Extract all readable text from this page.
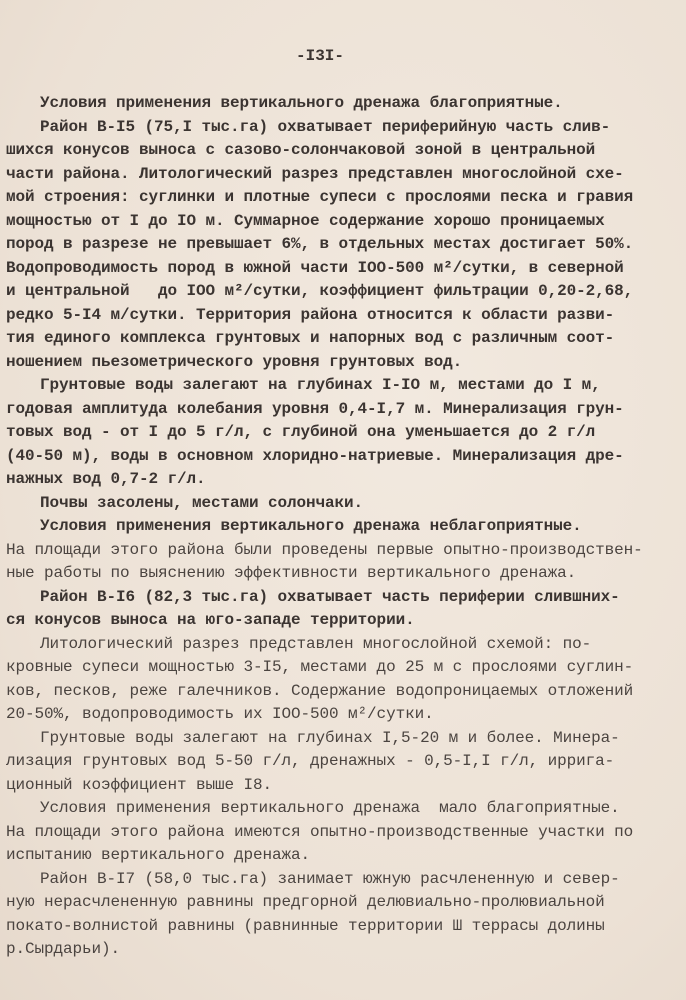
-I3I-
Условия применения вертикального дренажа благоприятные.
Район В-I5 (75,I тыс.га) охватывает периферийную часть слив-
шихся конусов выноса с сазово-солончаковой зоной в центральной
части района. Литологический разрез представлен многослойной схе-
мой строения: суглинки и плотные супеси с прослоями песка и гравия
мощностью от I до IO м. Суммарное содержание хорошо проницаемых
пород в разрезе не превышает 6%, в отдельных местах достигает 50%.
Водопроводимость пород в южной части IOO-500 м²/сутки, в северной
и центральной   до IOO м²/сутки, коэффициент фильтрации 0,20-2,68,
редко 5-I4 м/сутки. Территория района относится к области разви-
тия единого комплекса грунтовых и напорных вод с различным соот-
ношением пьезометрического уровня грунтовых вод.
Грунтовые воды залегают на глубинах I-IO м, местами до I м,
годовая амплитуда колебания уровня 0,4-I,7 м. Минерализация грун-
товых вод - от I до 5 г/л, с глубиной она уменьшается до 2 г/л
(40-50 м), воды в основном хлоридно-натриевые. Минерализация дре-
нажных вод 0,7-2 г/л.
Почвы засолены, местами солончаки.
Условия применения вертикального дренажа неблагоприятные.
На площади этого района были проведены первые опытно-производствен-
ные работы по выяснению эффективности вертикального дренажа.
Район В-I6 (82,3 тыс.га) охватывает часть периферии слившних-
ся конусов выноса на юго-западе территории.
Литологический разрез представлен многослойной схемой: по-
кровные супеси мощностью 3-I5, местами до 25 м с прослоями суглин-
ков, песков, реже галечников. Содержание водопроницаемых отложений
20-50%, водопроводимость их IOO-500 м²/сутки.
Грунтовые воды залегают на глубинах I,5-20 м и более. Минера-
лизация грунтовых вод 5-50 г/л, дренажных - 0,5-I,I г/л, ирригa-
ционный коэффициент выше I8.
Условия применения вертикального дренажа  мало благоприятные.
На площади этого района имеются опытно-производственные участки по
испытанию вертикального дренажа.
Район В-I7 (58,0 тыс.га) занимает южную расчлененную и север-
ную нерасчлененную равнины предгорной делювиально-пролювиальной
покато-волнистой равнины (равнинные территории Ш террасы долины
р.Сырдарьи).
